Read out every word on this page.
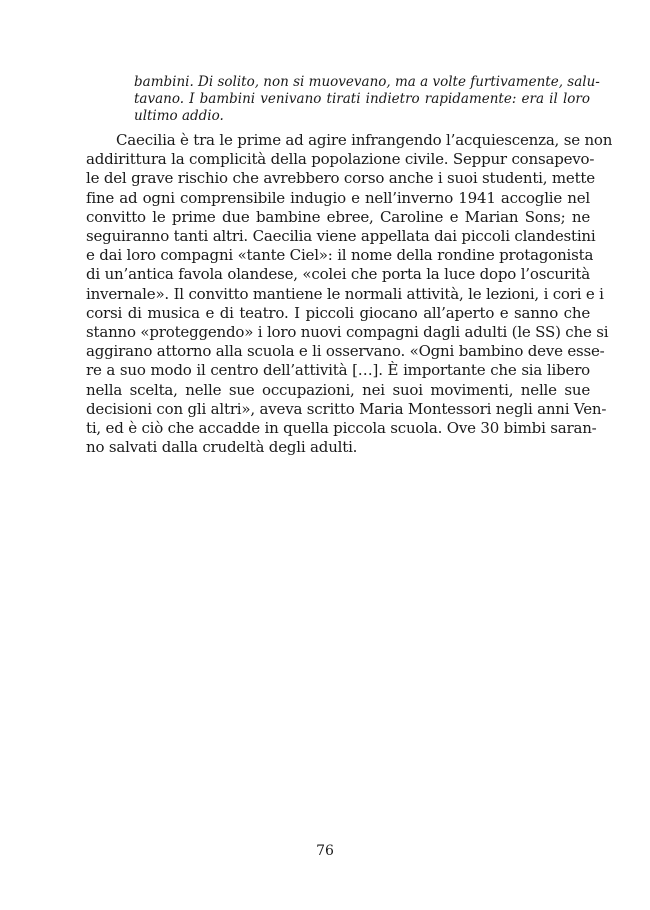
bambini. Di solito, non si muovevano, ma a volte furtivamente, salu-
tavano. I bambini venivano tirati indietro rapidamente: era il loro
ultimo addio.
Caecilia è tra le prime ad agire infrangendo l’acquiescenza, se non
addirittura la complicità della popolazione civile. Seppur consapevo-
le del grave rischio che avrebbero corso anche i suoi studenti, mette
fine ad ogni comprensibile indugio e nell’inverno 1941 accoglie nel
convitto le prime due bambine ebree, Caroline e Marian Sons; ne
seguiranno tanti altri. Caecilia viene appellata dai piccoli clandestini
e dai loro compagni «tante Ciel»: il nome della rondine protagonista
di un’antica favola olandese, «colei che porta la luce dopo l’oscurità
invernale». Il convitto mantiene le normali attività, le lezioni, i cori e i
corsi di musica e di teatro. I piccoli giocano all’aperto e sanno che
stanno «proteggendo» i loro nuovi compagni dagli adulti (le SS) che si
aggirano attorno alla scuola e li osservano. «Ogni bambino deve esse-
re a suo modo il centro dell’attività […]. È importante che sia libero
nella scelta, nelle sue occupazioni, nei suoi movimenti, nelle sue
decisioni con gli altri», aveva scritto Maria Montessori negli anni Ven-
ti, ed è ciò che accadde in quella piccola scuola. Ove 30 bimbi saran-
no salvati dalla crudeltà degli adulti.
76
